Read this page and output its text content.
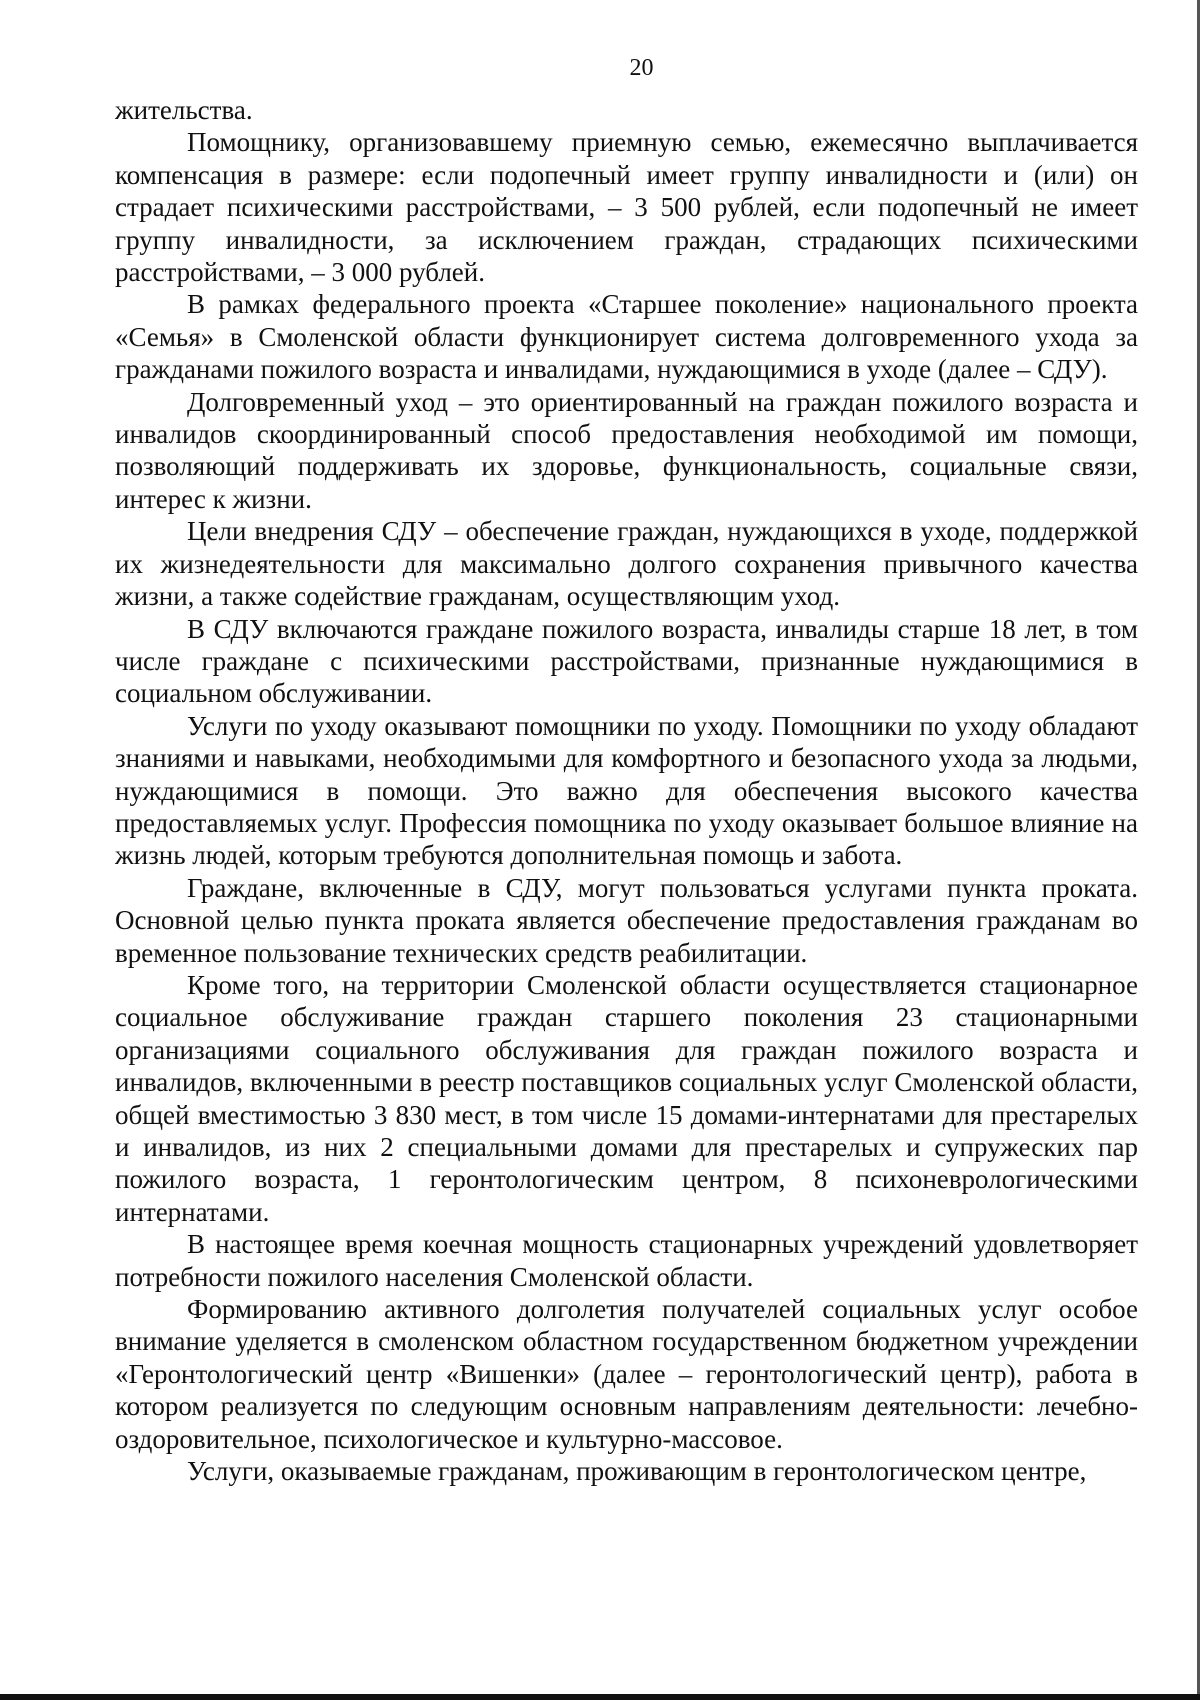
20

жительства.

Помощнику, организовавшему приемную семью, ежемесячно выплачивается компенсация в размере: если подопечный имеет группу инвалидности и (или) он страдает психическими расстройствами, – 3 500 рублей, если подопечный не имеет группу инвалидности, за исключением граждан, страдающих психическими расстройствами, – 3 000 рублей.

В рамках федерального проекта «Старшее поколение» национального проекта «Семья» в Смоленской области функционирует система долговременного ухода за гражданами пожилого возраста и инвалидами, нуждающимися в уходе (далее – СДУ).

Долговременный уход – это ориентированный на граждан пожилого возраста и инвалидов скоординированный способ предоставления необходимой им помощи, позволяющий поддерживать их здоровье, функциональность, социальные связи, интерес к жизни.

Цели внедрения СДУ – обеспечение граждан, нуждающихся в уходе, поддержкой их жизнедеятельности для максимально долгого сохранения привычного качества жизни, а также содействие гражданам, осуществляющим уход.

В СДУ включаются граждане пожилого возраста, инвалиды старше 18 лет, в том числе граждане с психическими расстройствами, признанные нуждающимися в социальном обслуживании.

Услуги по уходу оказывают помощники по уходу. Помощники по уходу обладают знаниями и навыками, необходимыми для комфортного и безопасного ухода за людьми, нуждающимися в помощи. Это важно для обеспечения высокого качества предоставляемых услуг. Профессия помощника по уходу оказывает большое влияние на жизнь людей, которым требуются дополнительная помощь и забота.

Граждане, включенные в СДУ, могут пользоваться услугами пункта проката. Основной целью пункта проката является обеспечение предоставления гражданам во временное пользование технических средств реабилитации.

Кроме того, на территории Смоленской области осуществляется стационарное социальное обслуживание граждан старшего поколения 23 стационарными организациями социального обслуживания для граждан пожилого возраста и инвалидов, включенными в реестр поставщиков социальных услуг Смоленской области, общей вместимостью 3 830 мест, в том числе 15 домами-интернатами для престарелых и инвалидов, из них 2 специальными домами для престарелых и супружеских пар пожилого возраста, 1 геронтологическим центром, 8 психоневрологическими интернатами.

В настоящее время коечная мощность стационарных учреждений удовлетворяет потребности пожилого населения Смоленской области.

Формированию активного долголетия получателей социальных услуг особое внимание уделяется в смоленском областном государственном бюджетном учреждении «Геронтологический центр «Вишенки» (далее – геронтологический центр), работа в котором реализуется по следующим основным направлениям деятельности: лечебно-оздоровительное, психологическое и культурно-массовое.

Услуги, оказываемые гражданам, проживающим в геронтологическом центре,
